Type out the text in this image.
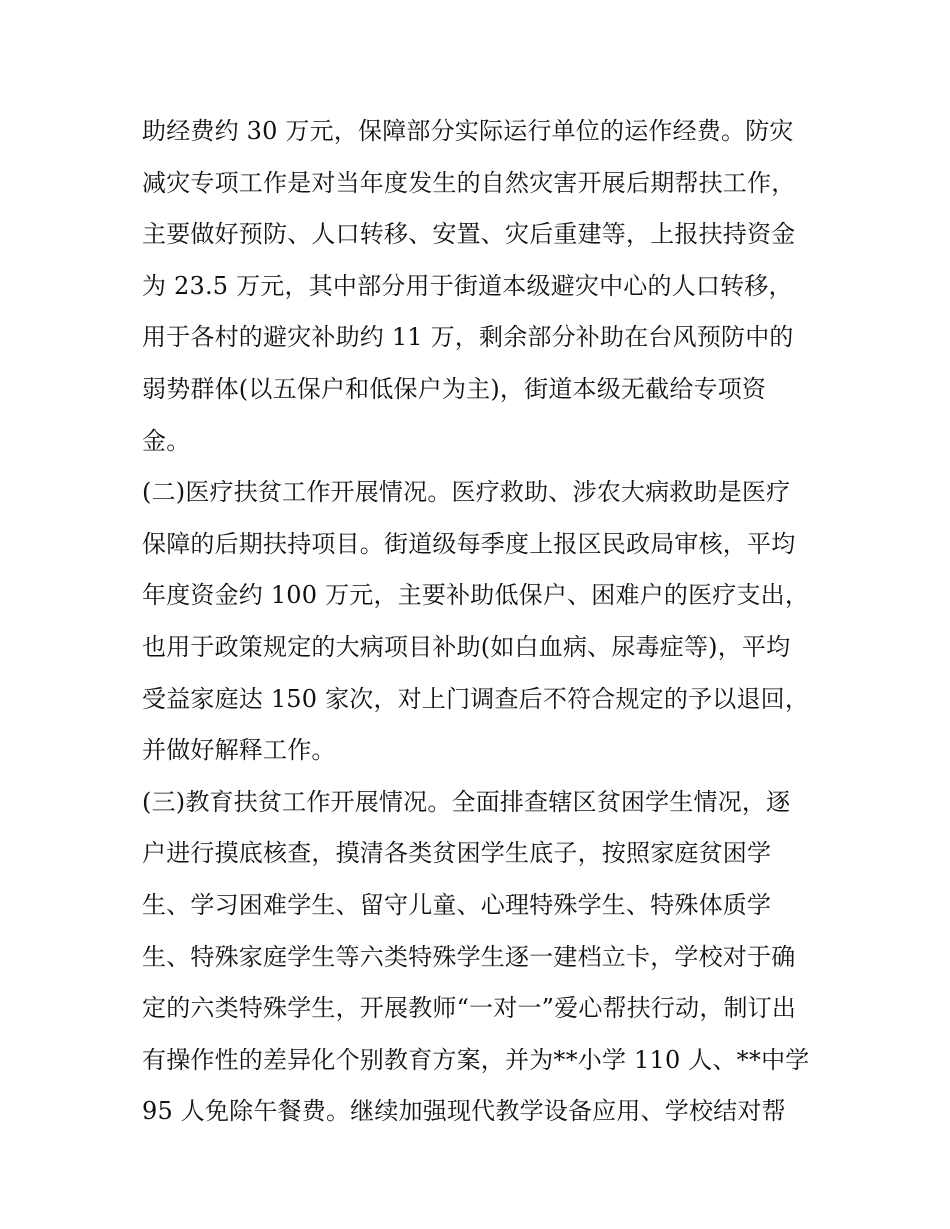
助经费约 30 万元，保障部分实际运行单位的运作经费。防灾
减灾专项工作是对当年度发生的自然灾害开展后期帮扶工作，
主要做好预防、人口转移、安置、灾后重建等，上报扶持资金
为 23.5 万元，其中部分用于街道本级避灾中心的人口转移，
用于各村的避灾补助约 11 万，剩余部分补助在台风预防中的
弱势群体(以五保户和低保户为主)，街道本级无截给专项资
金。
(二)医疗扶贫工作开展情况。医疗救助、涉农大病救助是医疗
保障的后期扶持项目。街道级每季度上报区民政局审核，平均
年度资金约 100 万元，主要补助低保户、困难户的医疗支出，
也用于政策规定的大病项目补助(如白血病、尿毒症等)，平均
受益家庭达 150 家次，对上门调查后不符合规定的予以退回，
并做好解释工作。
(三)教育扶贫工作开展情况。全面排查辖区贫困学生情况，逐
户进行摸底核查，摸清各类贫困学生底子，按照家庭贫困学
生、学习困难学生、留守儿童、心理特殊学生、特殊体质学
生、特殊家庭学生等六类特殊学生逐一建档立卡，学校对于确
定的六类特殊学生，开展教师“一对一”爱心帮扶行动，制订出
有操作性的差异化个别教育方案，并为**小学 110 人、**中学
95 人免除午餐费。继续加强现代教学设备应用、学校结对帮
